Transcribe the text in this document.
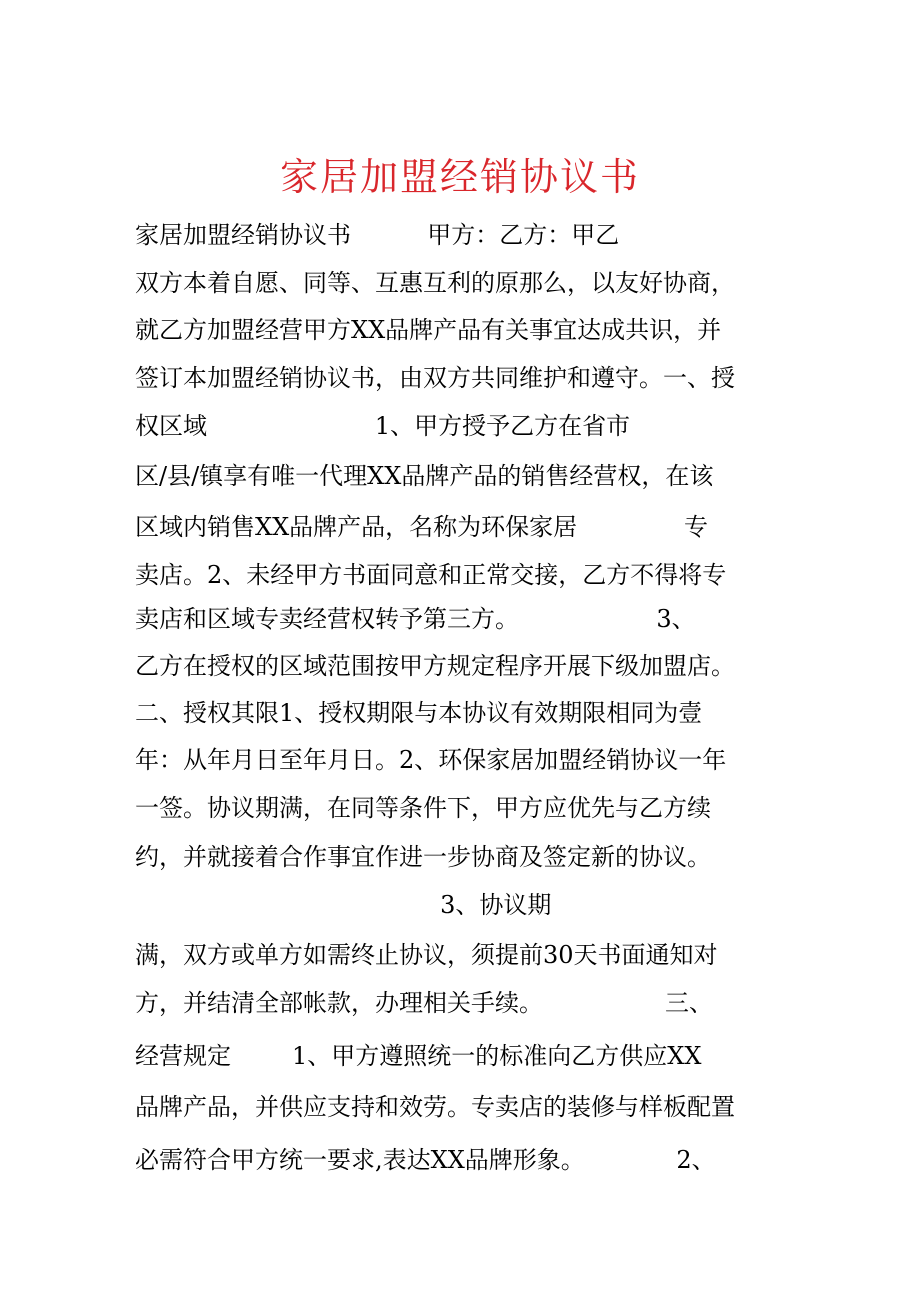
家居加盟经销协议书
家居加盟经销协议书          甲方：乙方：甲乙
双方本着自愿、同等、互惠互利的原那么，以友好协商，
就乙方加盟经营甲方XX品牌产品有关事宜达成共识，并
签订本加盟经销协议书，由双方共同维护和遵守。一、授
权区域                      1、甲方授予乙方在省市
区/县/镇享有唯一代理XX品牌产品的销售经营权，在该
区域内销售XX品牌产品，名称为环保家居              专
卖店。2、未经甲方书面同意和正常交接，乙方不得将专
卖店和区域专卖经营权转予第三方。                  3、
乙方在授权的区域范围按甲方规定程序开展下级加盟店。
二、授权其限1、授权期限与本协议有效期限相同为壹
年：从年月日至年月日。2、环保家居加盟经销协议一年
一签。协议期满，在同等条件下，甲方应优先与乙方续
约，并就接着合作事宜作进一步协商及签定新的协议。
3、协议期
满，双方或单方如需终止协议，须提前30天书面通知对
方，并结清全部帐款，办理相关手续。                三、
经营规定        1、甲方遵照统一的标准向乙方供应XX
品牌产品，并供应支持和效劳。专卖店的装修与样板配置
必需符合甲方统一要求,表达XX品牌形象。            2、
